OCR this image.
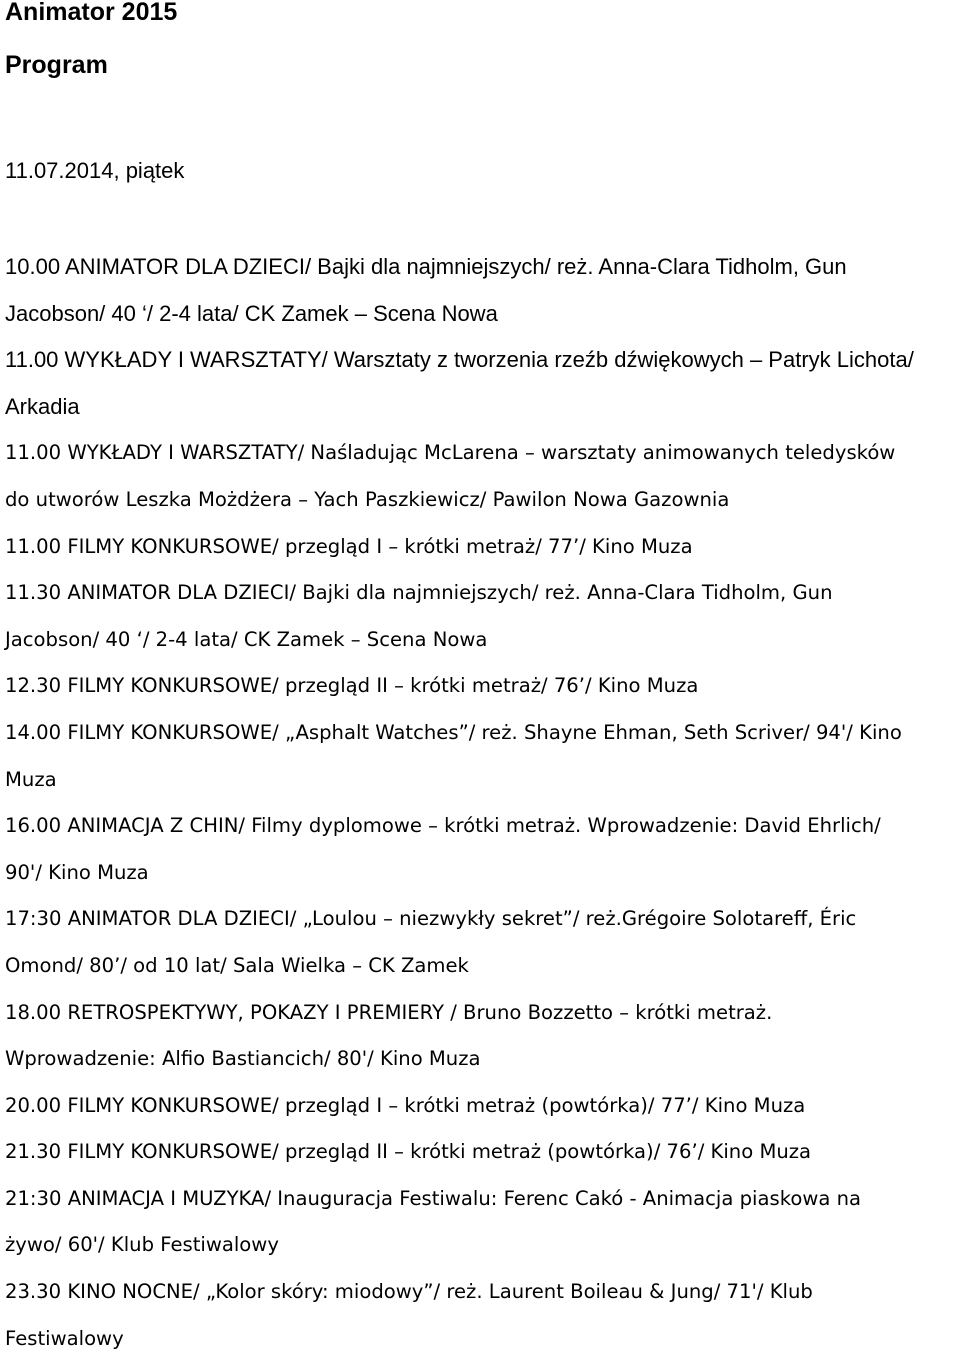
Animator 2015
Program
11.07.2014, piątek
10.00 ANIMATOR DLA DZIECI/ Bajki dla najmniejszych/ reż. Anna-Clara Tidholm, Gun
Jacobson/ 40 ‘/ 2-4 lata/ CK Zamek – Scena Nowa
11.00 WYKŁADY I WARSZTATY/ Warsztaty z tworzenia rzeźb dźwiękowych – Patryk Lichota/
Arkadia
11.00 WYKŁADY I WARSZTATY/ Naśladując McLarena – warsztaty animowanych teledysków
do utworów Leszka Możdżera – Yach Paszkiewicz/ Pawilon Nowa Gazownia
11.00 FILMY KONKURSOWE/ przegląd I – krótki metraż/ 77’/ Kino Muza
11.30 ANIMATOR DLA DZIECI/ Bajki dla najmniejszych/ reż. Anna-Clara Tidholm, Gun
Jacobson/ 40 ‘/ 2-4 lata/ CK Zamek – Scena Nowa
12.30 FILMY KONKURSOWE/ przegląd II – krótki metraż/ 76’/ Kino Muza
14.00 FILMY KONKURSOWE/ „Asphalt Watches”/ reż. Shayne Ehman, Seth Scriver/ 94'/ Kino
Muza
16.00 ANIMACJA Z CHIN/ Filmy dyplomowe – krótki metraż. Wprowadzenie: David Ehrlich/
90'/ Kino Muza
17:30 ANIMATOR DLA DZIECI/ „Loulou – niezwykły sekret”/ reż.Grégoire Solotareff, Éric
Omond/ 80’/ od 10 lat/ Sala Wielka – CK Zamek
18.00 RETROSPEKTYWY, POKAZY I PREMIERY / Bruno Bozzetto – krótki metraż.
Wprowadzenie: Alfio Bastiancich/ 80'/ Kino Muza
20.00 FILMY KONKURSOWE/ przegląd I – krótki metraż (powtórka)/ 77’/ Kino Muza
21.30 FILMY KONKURSOWE/ przegląd II – krótki metraż (powtórka)/ 76’/ Kino Muza
21:30 ANIMACJA I MUZYKA/ Inauguracja Festiwalu: Ferenc Cakó - Animacja piaskowa na
żywo/ 60'/ Klub Festiwalowy
23.30 KINO NOCNE/ „Kolor skóry: miodowy”/ reż. Laurent Boileau & Jung/ 71'/ Klub
Festiwalowy
